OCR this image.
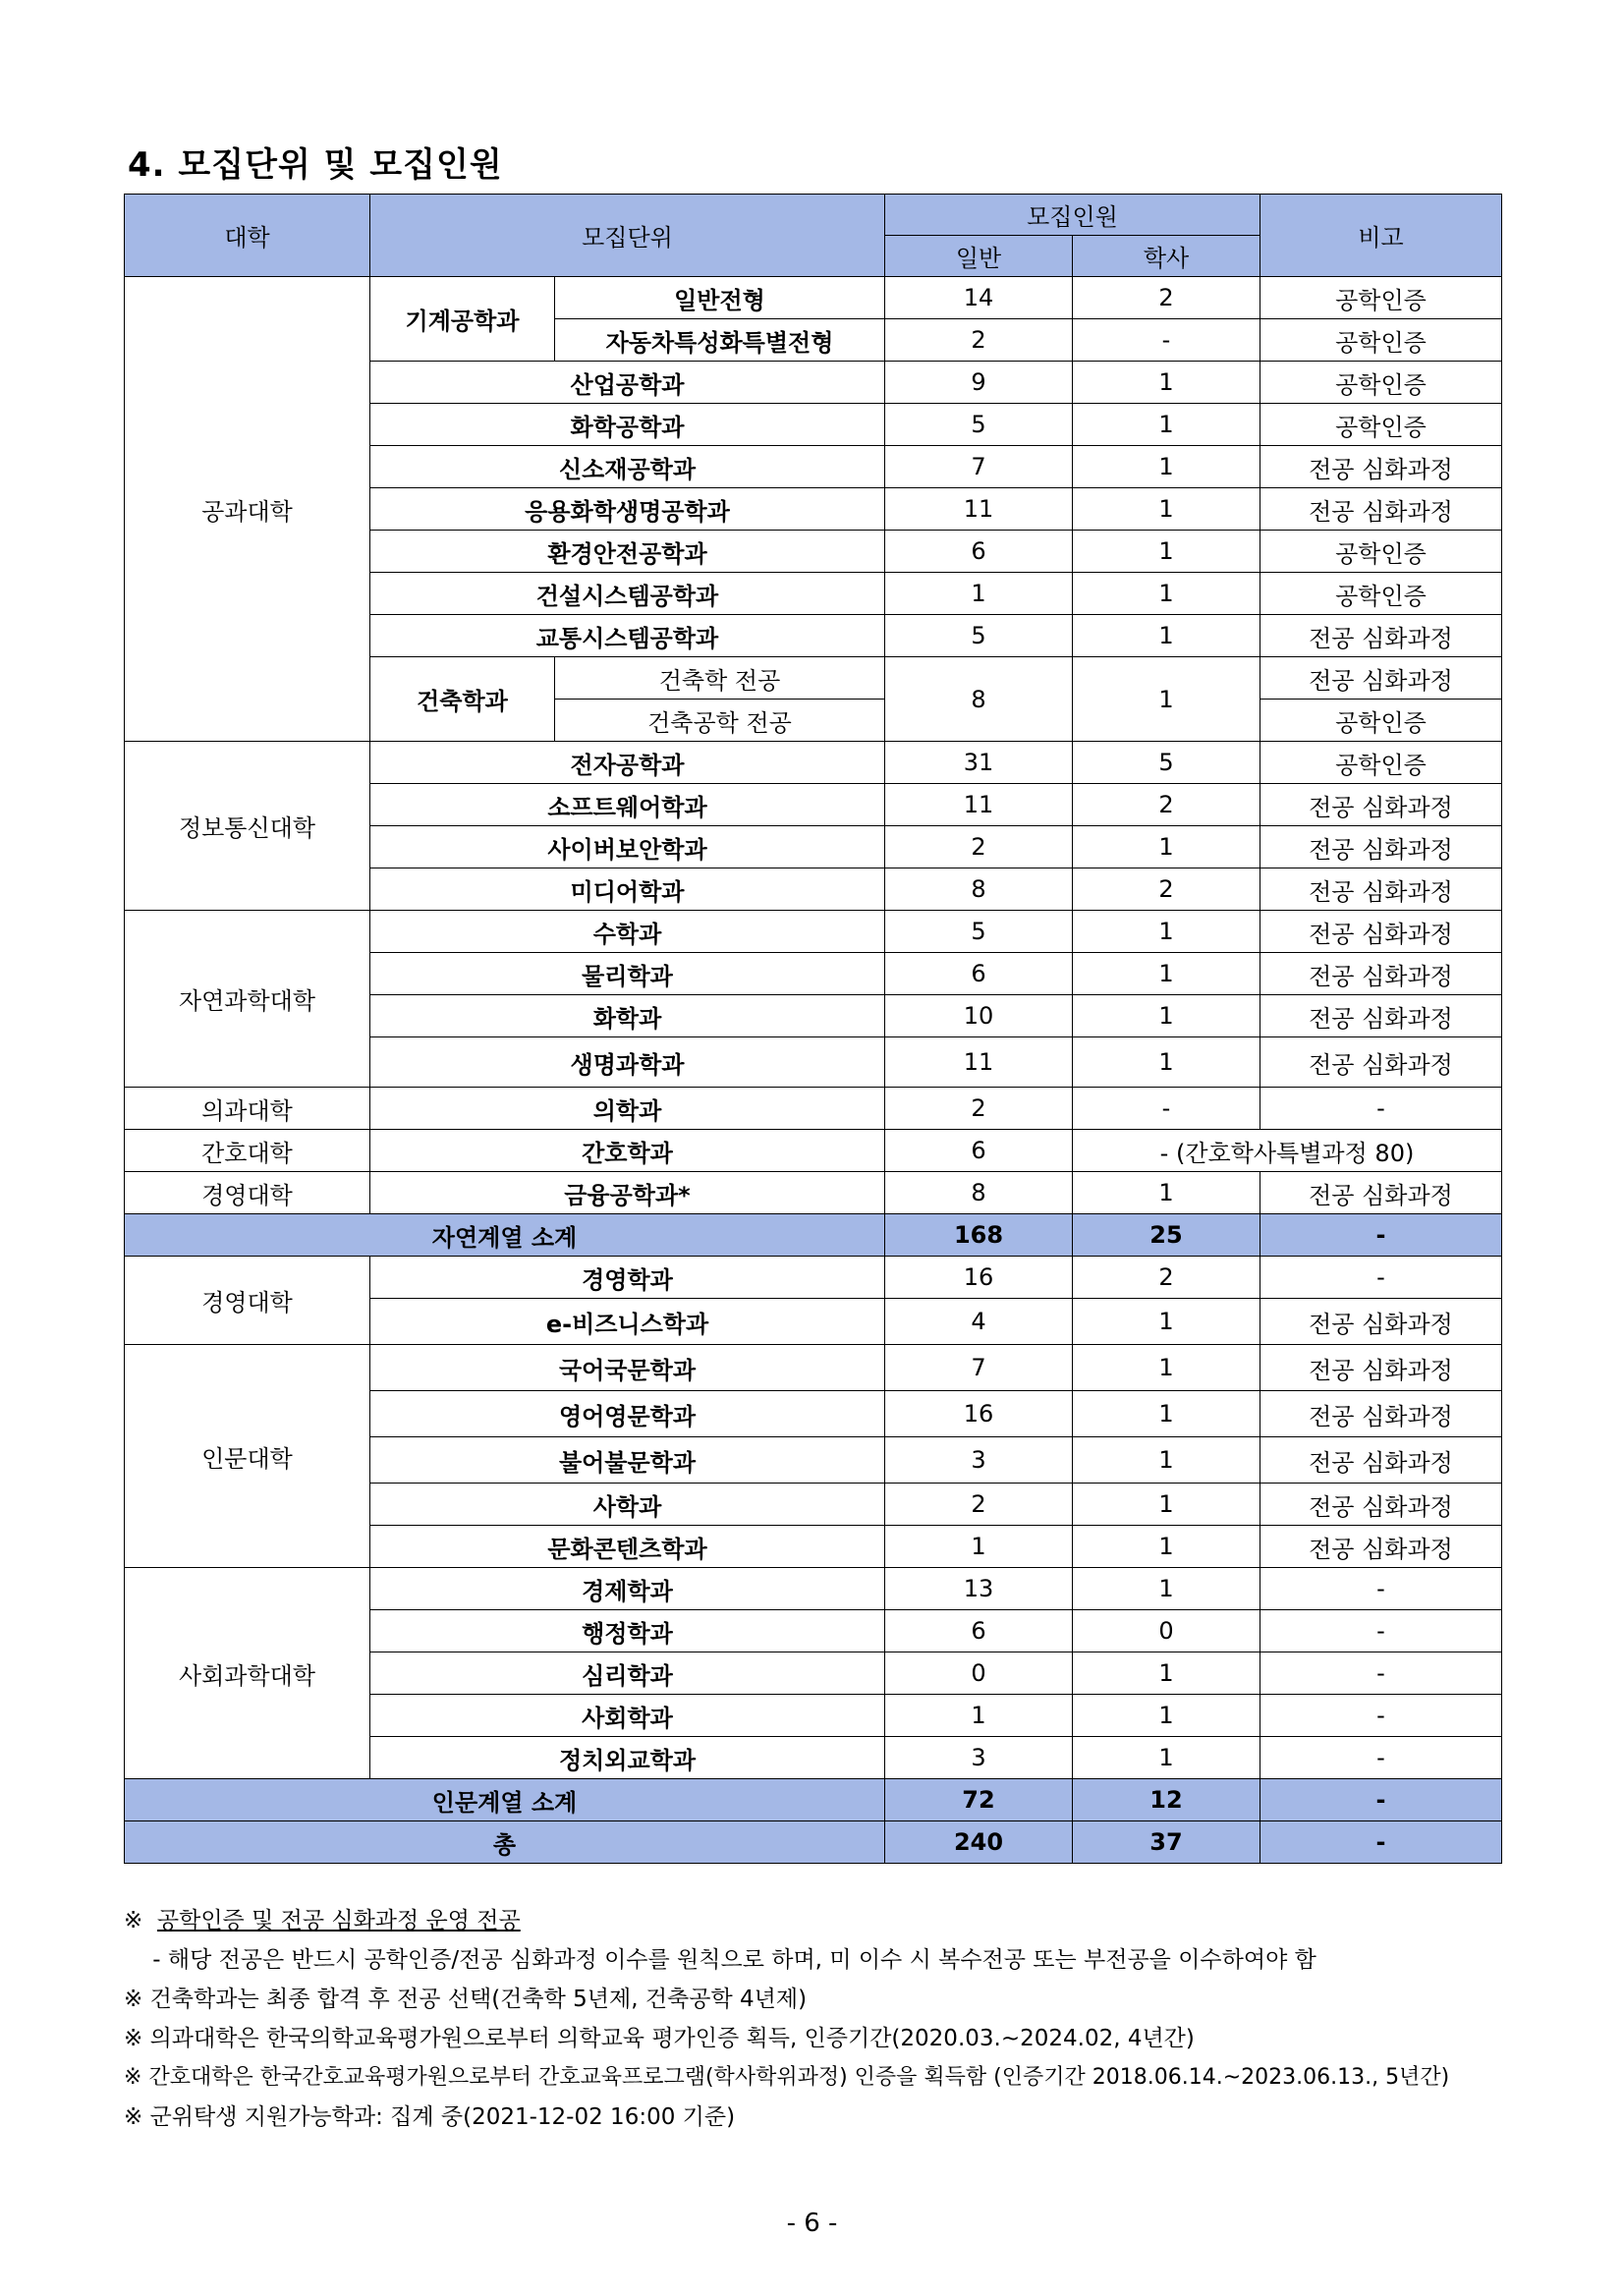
4. 모집단위 및 모집인원
대학	모집단위		모집인원		비고
			일반	학사	
공과대학	기계공학과	일반전형	14	2	공학인증
		자동차특성화특별전형	2	-	공학인증
	산업공학과		9	1	공학인증
	화학공학과		5	1	공학인증
	신소재공학과		7	1	전공 심화과정
	응용화학생명공학과		11	1	전공 심화과정
	환경안전공학과		6	1	공학인증
	건설시스템공학과		1	1	공학인증
	교통시스템공학과		5	1	전공 심화과정
	건축학과	건축학 전공	8	1	전공 심화과정
		건축공학 전공			공학인증
정보통신대학	전자공학과		31	5	공학인증
	소프트웨어학과		11	2	전공 심화과정
	사이버보안학과		2	1	전공 심화과정
	미디어학과		8	2	전공 심화과정
자연과학대학	수학과		5	1	전공 심화과정
	물리학과		6	1	전공 심화과정
	화학과		10	1	전공 심화과정
	생명과학과		11	1	전공 심화과정
의과대학	의학과		2	-	-
간호대학	간호학과		6	- (간호학사특별과정 80)	
경영대학	금융공학과*		8	1	전공 심화과정
자연계열 소계			168	25	-
경영대학	경영학과		16	2	-
	e-비즈니스학과		4	1	전공 심화과정
인문대학	국어국문학과		7	1	전공 심화과정
	영어영문학과		16	1	전공 심화과정
	불어불문학과		3	1	전공 심화과정
	사학과		2	1	전공 심화과정
	문화콘텐츠학과		1	1	전공 심화과정
사회과학대학	경제학과		13	1	-
	행정학과		6	0	-
	심리학과		0	1	-
	사회학과		1	1	-
	정치외교학과		3	1	-
인문계열 소계			72	12	-
총			240	37	-
※ 공학인증 및 전공 심화과정 운영 전공
- 해당 전공은 반드시 공학인증/전공 심화과정 이수를 원칙으로 하며, 미 이수 시 복수전공 또는 부전공을 이수하여야 함
※ 건축학과는 최종 합격 후 전공 선택(건축학 5년제, 건축공학 4년제)
※ 의과대학은 한국의학교육평가원으로부터 의학교육 평가인증 획득, 인증기간(2020.03.~2024.02, 4년간)
※ 간호대학은 한국간호교육평가원으로부터 간호교육프로그램(학사학위과정) 인증을 획득함 (인증기간 2018.06.14.~2023.06.13., 5년간)
※ 군위탁생 지원가능학과: 집계 중(2021-12-02 16:00 기준)
- 6 -
